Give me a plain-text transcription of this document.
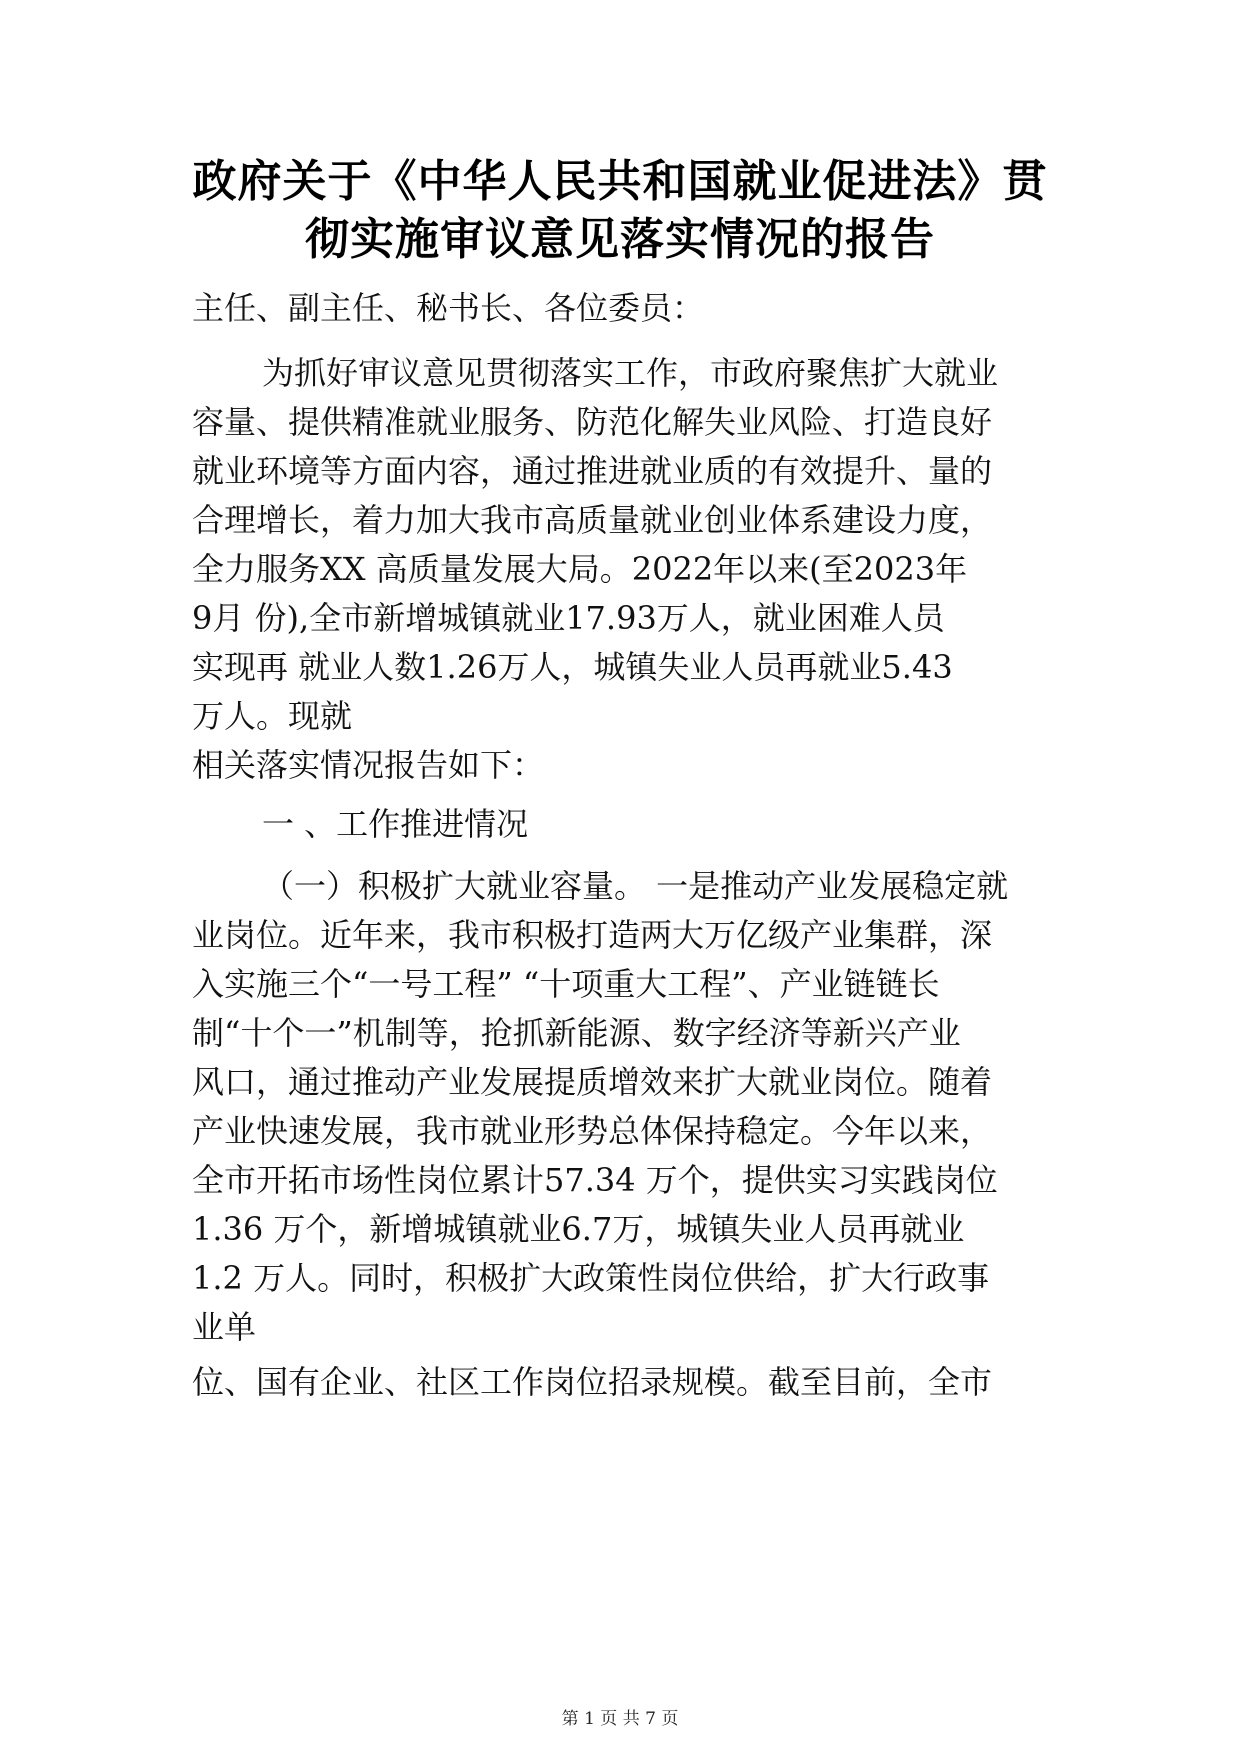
政府关于《中华人民共和国就业促进法》贯
彻实施审议意见落实情况的报告
主任、副主任、秘书长、各位委员：
为抓好审议意见贯彻落实工作，市政府聚焦扩大就业
容量、提供精准就业服务、防范化解失业风险、打造良好
就业环境等方面内容，通过推进就业质的有效提升、量的
合理增长，着力加大我市高质量就业创业体系建设力度，
全力服务XX 高质量发展大局。2022年以来(至2023年
9月 份),全市新增城镇就业17.93万人，就业困难人员
实现再 就业人数1.26万人，城镇失业人员再就业5.43
万人。现就
相关落实情况报告如下：
一 、工作推进情况
（一）积极扩大就业容量。 一是推动产业发展稳定就
业岗位。近年来，我市积极打造两大万亿级产业集群，深
入实施三个“一号工程” “十项重大工程”、产业链链长
制“十个一”机制等，抢抓新能源、数字经济等新兴产业
风口，通过推动产业发展提质增效来扩大就业岗位。随着
产业快速发展，我市就业形势总体保持稳定。今年以来，
全市开拓市场性岗位累计57.34 万个，提供实习实践岗位
1.36 万个，新增城镇就业6.7万，城镇失业人员再就业
1.2 万人。同时，积极扩大政策性岗位供给，扩大行政事
业单
位、国有企业、社区工作岗位招录规模。截至目前，全市
第 1 页 共 7 页
